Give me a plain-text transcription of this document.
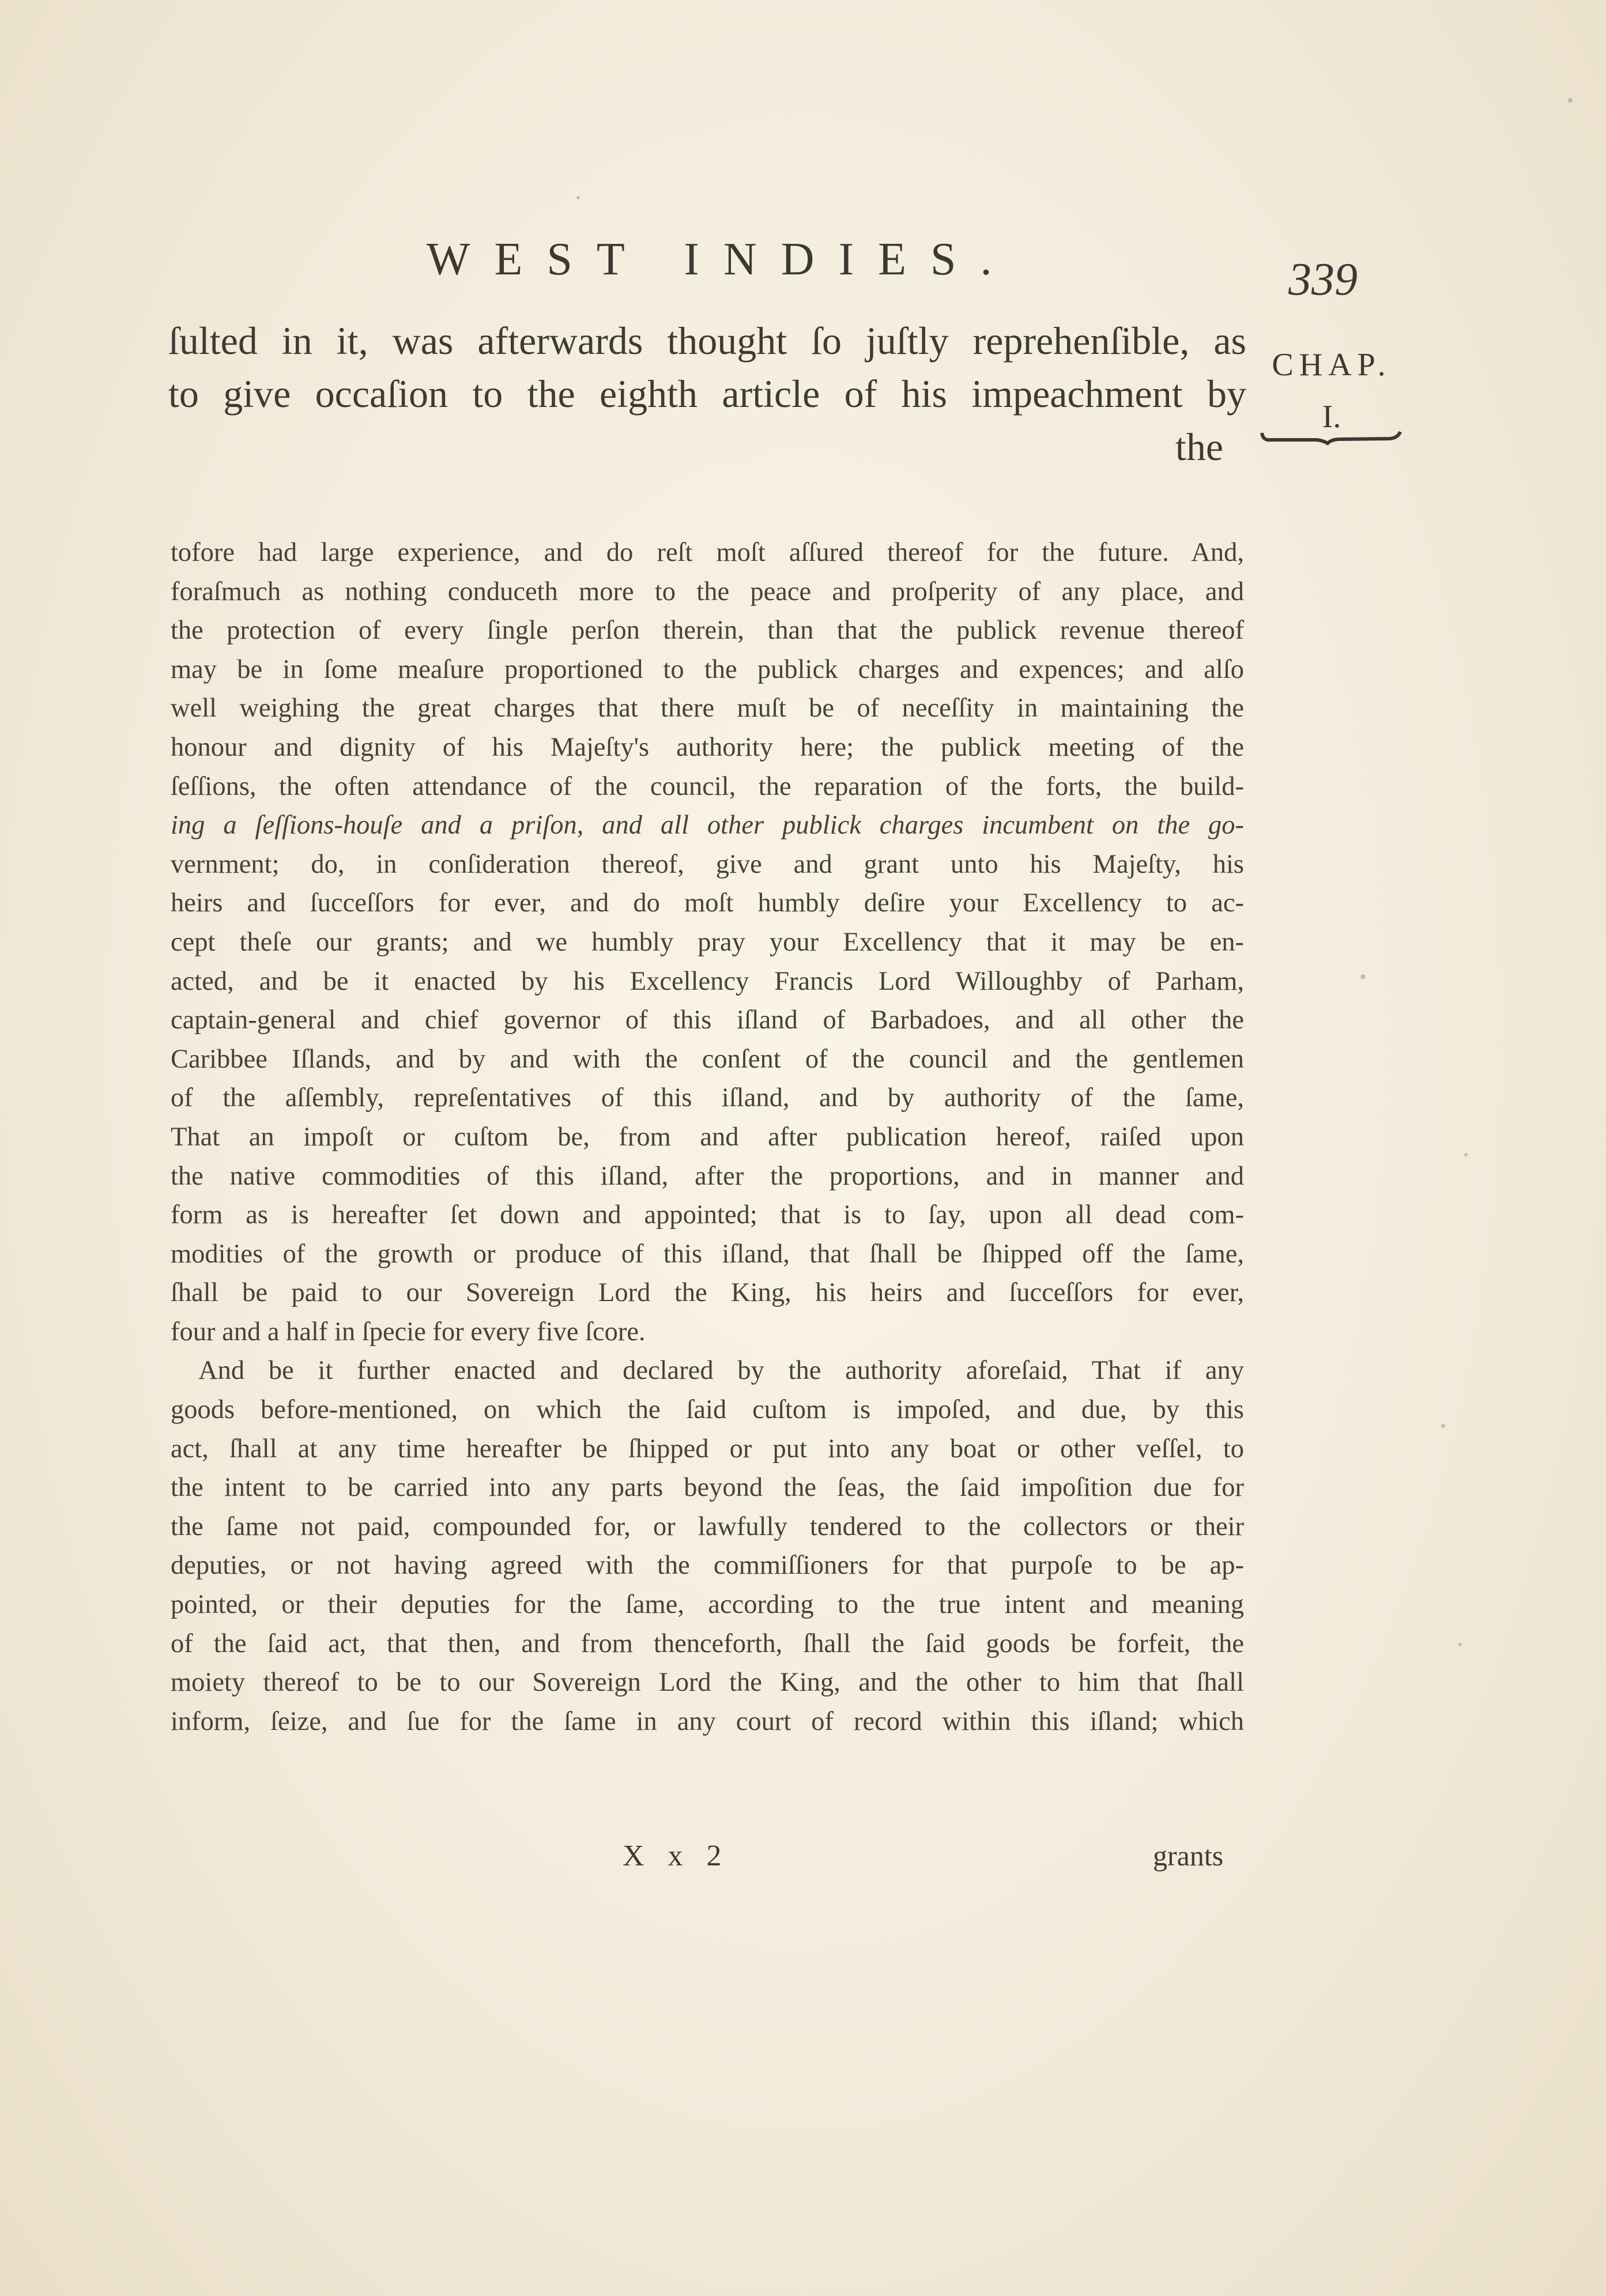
WEST INDIES.	339
ſulted in it, was afterwards thought ſo juſtly reprehenſible, as
to give occaſion to the eighth article of his impeachment by
the
CHAP.
I.
tofore had large experience, and do reſt moſt aſſured thereof for the future. And,
foraſmuch as nothing conduceth more to the peace and proſperity of any place, and
the protection of every ſingle perſon therein, than that the publick revenue thereof
may be in ſome meaſure proportioned to the publick charges and expences; and alſo
well weighing the great charges that there muſt be of neceſſity in maintaining the
honour and dignity of his Majeſty's authority here; the publick meeting of the
ſeſſions, the often attendance of the council, the reparation of the forts, the build-
ing a ſeſſions-houſe and a priſon, and all other publick charges incumbent on the go-
vernment; do, in conſideration thereof, give and grant unto his Majeſty, his
heirs and ſucceſſors for ever, and do moſt humbly deſire your Excellency to ac-
cept theſe our grants; and we humbly pray your Excellency that it may be en-
acted, and be it enacted by his Excellency Francis Lord Willoughby of Parham,
captain-general and chief governor of this iſland of Barbadoes, and all other the
Caribbee Iſlands, and by and with the conſent of the council and the gentlemen
of the aſſembly, repreſentatives of this iſland, and by authority of the ſame,
That an impoſt or cuſtom be, from and after publication hereof, raiſed upon
the native commodities of this iſland, after the proportions, and in manner and
form as is hereafter ſet down and appointed; that is to ſay, upon all dead com-
modities of the growth or produce of this iſland, that ſhall be ſhipped off the ſame,
ſhall be paid to our Sovereign Lord the King, his heirs and ſucceſſors for ever,
four and a half in ſpecie for every five ſcore.
And be it further enacted and declared by the authority aforeſaid, That if any
goods before-mentioned, on which the ſaid cuſtom is impoſed, and due, by this
act, ſhall at any time hereafter be ſhipped or put into any boat or other veſſel, to
the intent to be carried into any parts beyond the ſeas, the ſaid impoſition due for
the ſame not paid, compounded for, or lawfully tendered to the collectors or their
deputies, or not having agreed with the commiſſioners for that purpoſe to be ap-
pointed, or their deputies for the ſame, according to the true intent and meaning
of the ſaid act, that then, and from thenceforth, ſhall the ſaid goods be forfeit, the
moiety thereof to be to our Sovereign Lord the King, and the other to him that ſhall
inform, ſeize, and ſue for the ſame in any court of record within this iſland; which
X x 2	grants
